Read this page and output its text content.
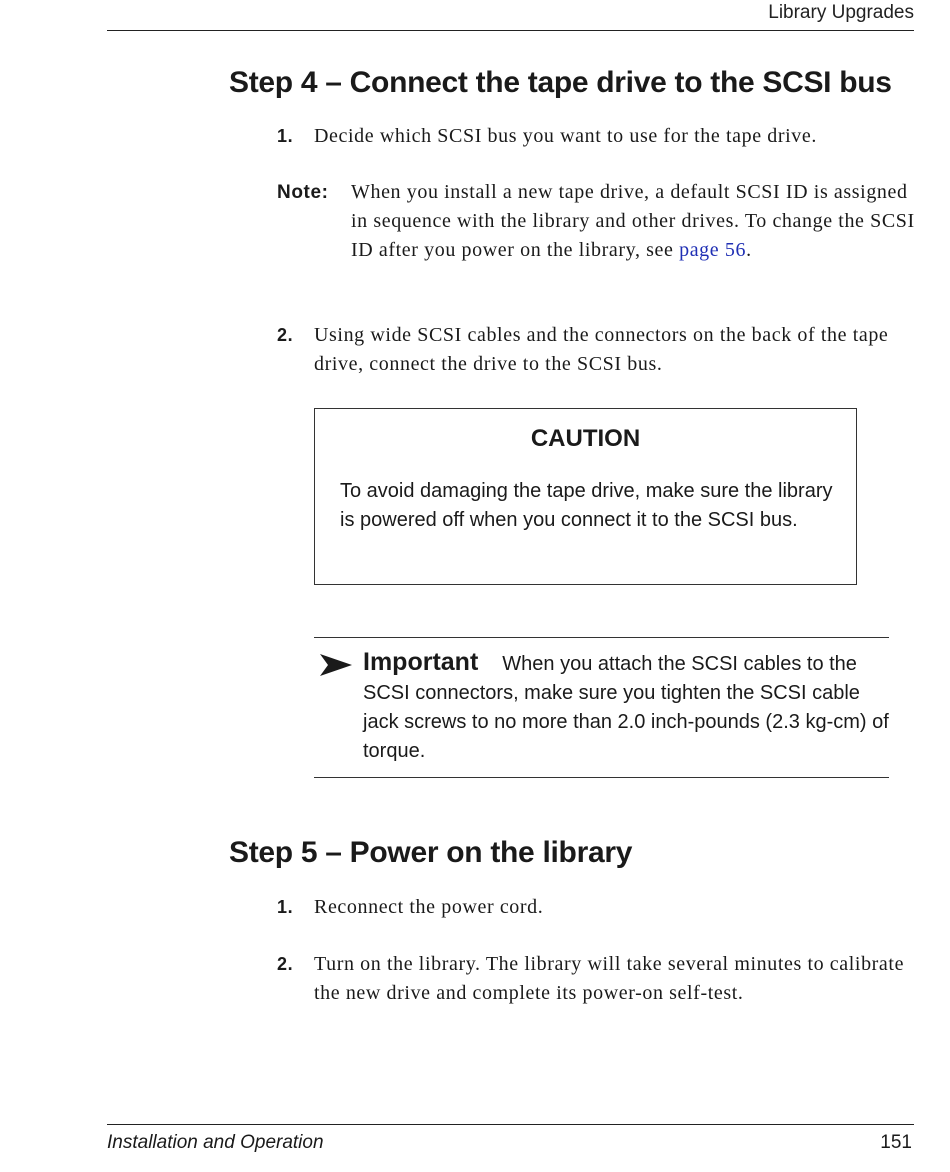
Library Upgrades
Step 4 – Connect the tape drive to the SCSI bus
1. Decide which SCSI bus you want to use for the tape drive.
Note: When you install a new tape drive, a default SCSI ID is assigned in sequence with the library and other drives. To change the SCSI ID after you power on the library, see page 56.
2. Using wide SCSI cables and the connectors on the back of the tape drive, connect the drive to the SCSI bus.
CAUTION
To avoid damaging the tape drive, make sure the library is powered off when you connect it to the SCSI bus.
Important When you attach the SCSI cables to the SCSI connectors, make sure you tighten the SCSI cable jack screws to no more than 2.0 inch-pounds (2.3 kg-cm) of torque.
Step 5 – Power on the library
1. Reconnect the power cord.
2. Turn on the library. The library will take several minutes to calibrate the new drive and complete its power-on self-test.
Installation and Operation	151
